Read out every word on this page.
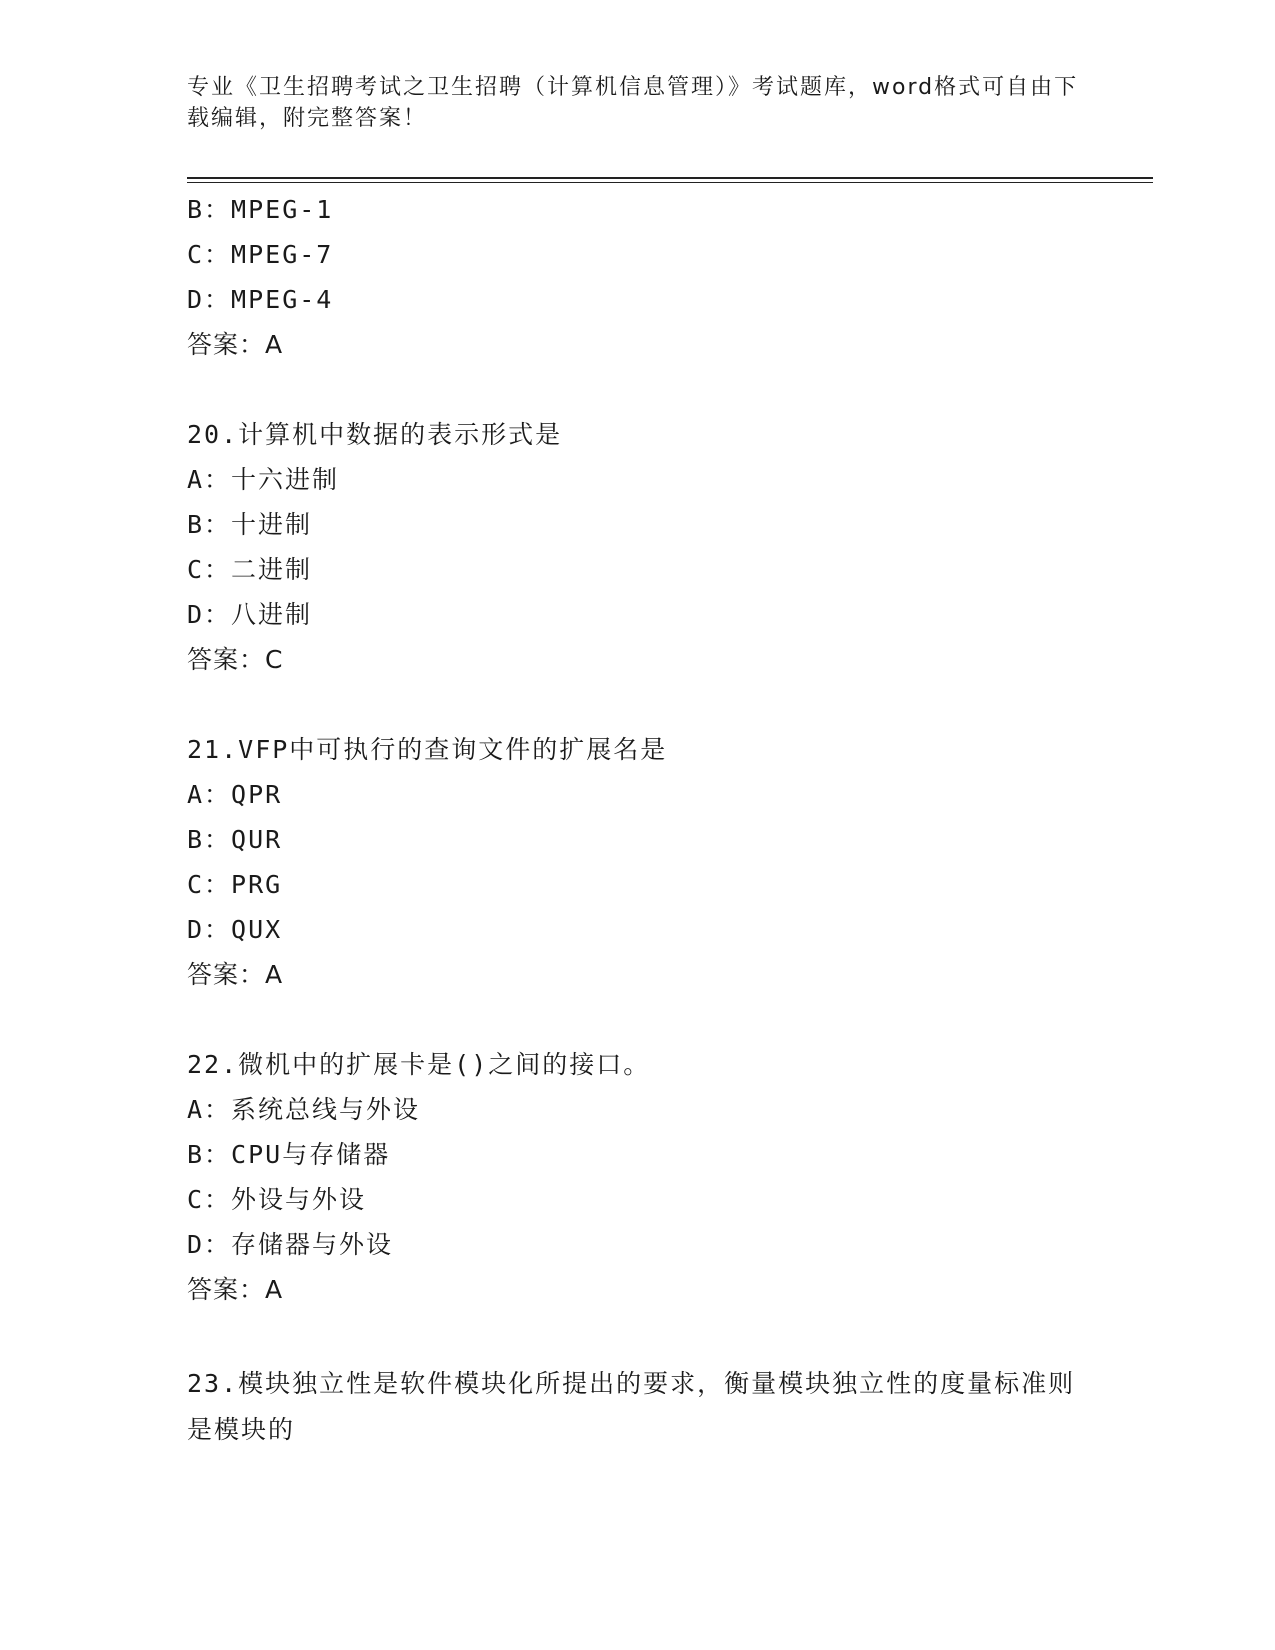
专业《卫生招聘考试之卫生招聘（计算机信息管理）》考试题库，word格式可自由下载编辑，附完整答案！
B：MPEG-1
C：MPEG-7
D：MPEG-4
答案：A
20.计算机中数据的表示形式是
A：十六进制
B：十进制
C：二进制
D：八进制
答案：C
21.VFP中可执行的查询文件的扩展名是
A：QPR
B：QUR
C：PRG
D：QUX
答案：A
22.微机中的扩展卡是()之间的接口。
A：系统总线与外设
B：CPU与存储器
C：外设与外设
D：存储器与外设
答案：A
23.模块独立性是软件模块化所提出的要求，衡量模块独立性的度量标准则是模块的
